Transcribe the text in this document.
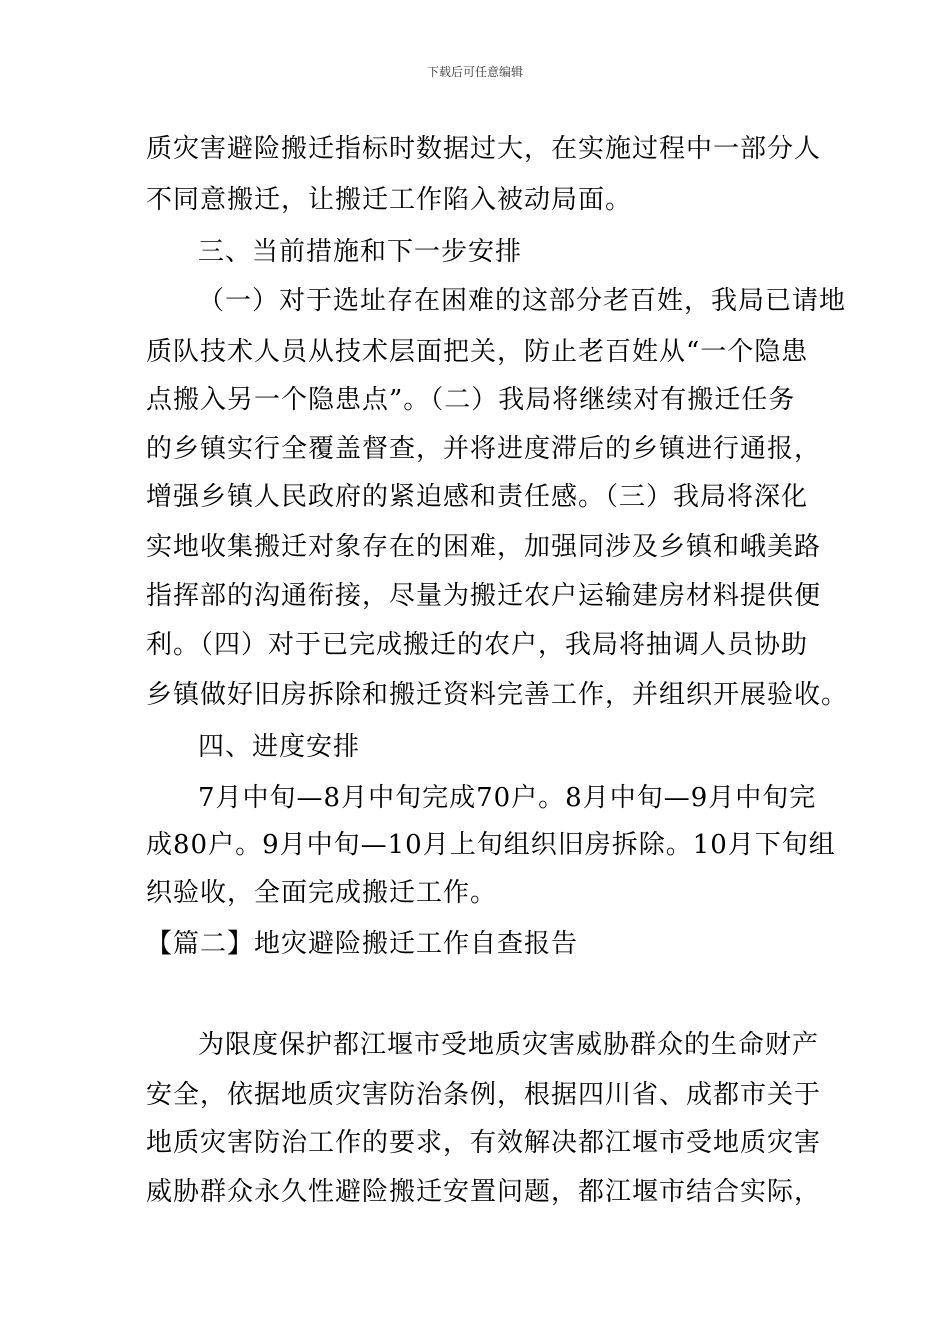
下载后可任意编辑
质灾害避险搬迁指标时数据过大，在实施过程中一部分人
不同意搬迁，让搬迁工作陷入被动局面。
三、当前措施和下一步安排
（一）对于选址存在困难的这部分老百姓，我局已请地
质队技术人员从技术层面把关，防止老百姓从“一个隐患
点搬入另一个隐患点”。（二）我局将继续对有搬迁任务
的乡镇实行全覆盖督查，并将进度滞后的乡镇进行通报，
增强乡镇人民政府的紧迫感和责任感。（三）我局将深化
实地收集搬迁对象存在的困难，加强同涉及乡镇和峨美路
指挥部的沟通衔接，尽量为搬迁农户运输建房材料提供便
利。（四）对于已完成搬迁的农户，我局将抽调人员协助
乡镇做好旧房拆除和搬迁资料完善工作，并组织开展验收。
四、进度安排
7月中旬—8月中旬完成70户。8月中旬—9月中旬完
成80户。9月中旬—10月上旬组织旧房拆除。10月下旬组
织验收，全面完成搬迁工作。
【篇二】地灾避险搬迁工作自查报告
为限度保护都江堰市受地质灾害威胁群众的生命财产
安全，依据地质灾害防治条例，根据四川省、成都市关于
地质灾害防治工作的要求，有效解决都江堰市受地质灾害
威胁群众永久性避险搬迁安置问题，都江堰市结合实际，
